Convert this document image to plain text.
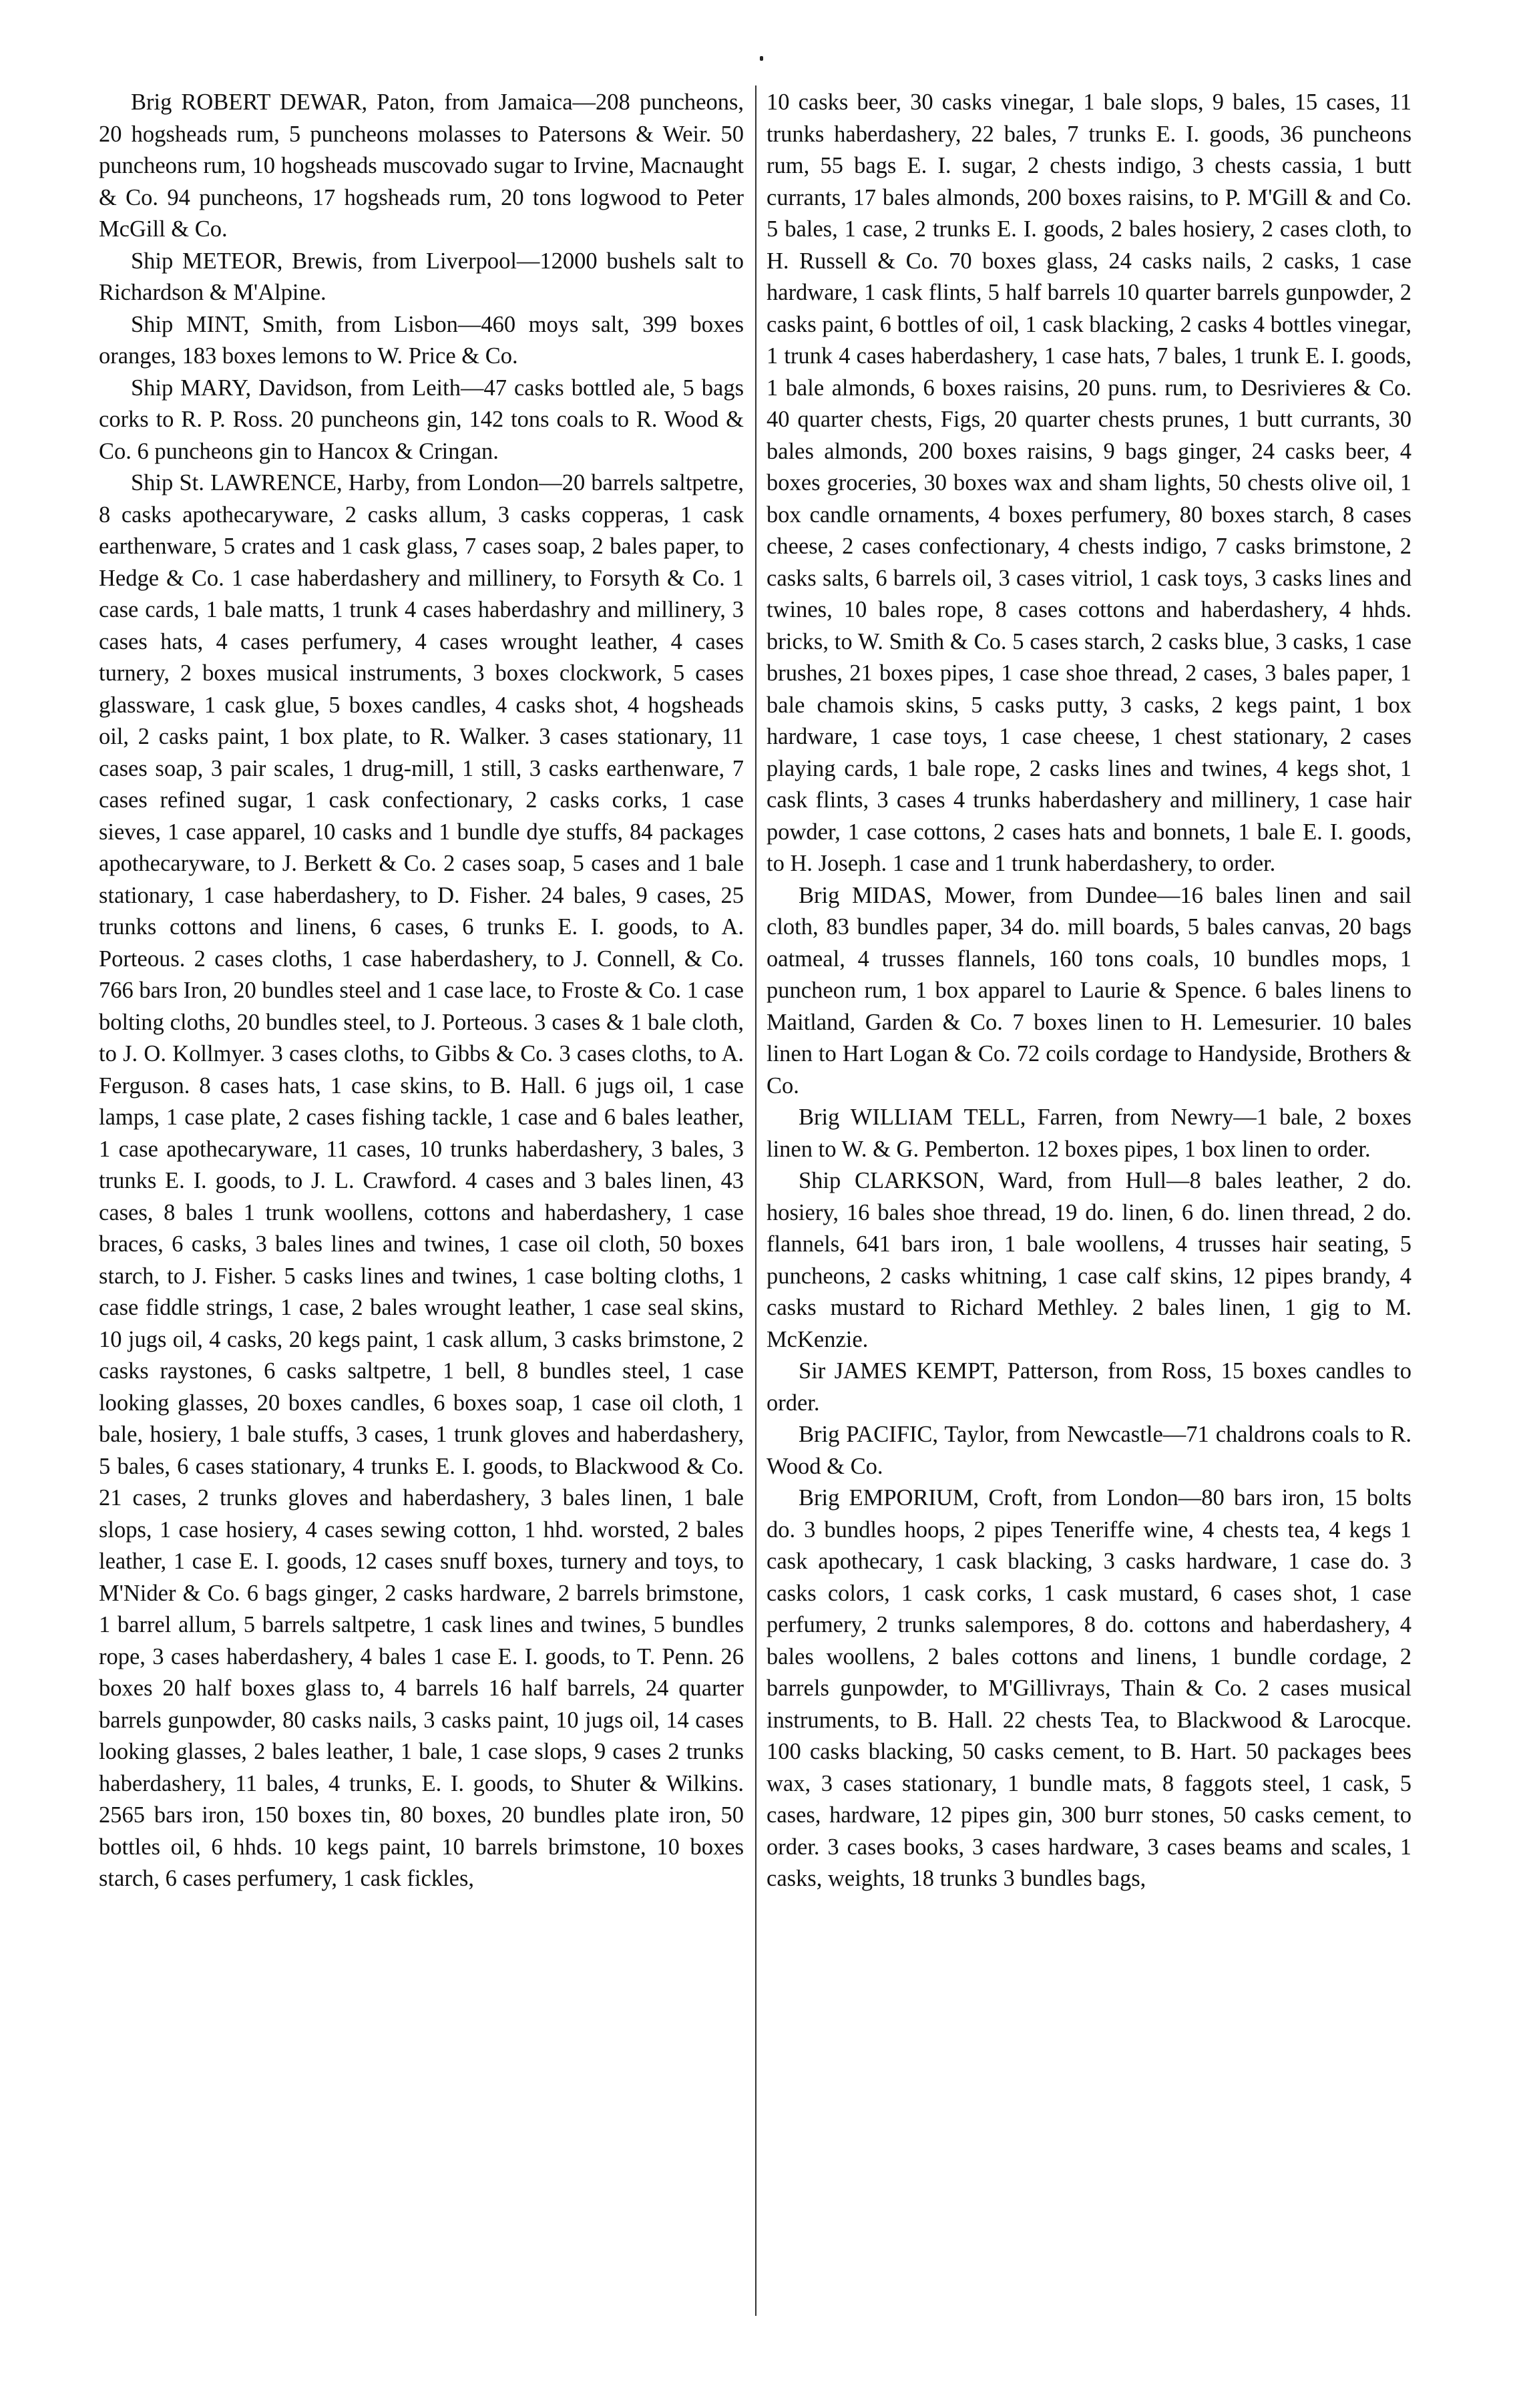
Brig ROBERT DEWAR, Paton, from Jamaica—208 puncheons, 20 hogsheads rum, 5 puncheons molasses to Patersons & Weir. 50 puncheons rum, 10 hogsheads muscovado sugar to Irvine, Macnaught & Co. 94 puncheons, 17 hogsheads rum, 20 tons logwood to Peter McGill & Co.

Ship METEOR, Brewis, from Liverpool—12000 bushels salt to Richardson & M'Alpine.

Ship MINT, Smith, from Lisbon—460 moys salt, 399 boxes oranges, 183 boxes lemons to W. Price & Co.

Ship MARY, Davidson, from Leith—47 casks bottled ale, 5 bags corks to R. P. Ross. 20 puncheons gin, 142 tons coals to R. Wood & Co. 6 puncheons gin to Hancox & Cringan.

Ship St. LAWRENCE, Harby, from London—20 barrels saltpetre, 8 casks apothecaryware, 2 casks allum, 3 casks copperas, 1 cask earthenware, 5 crates and 1 cask glass, 7 cases soap, 2 bales paper, to Hedge & Co. 1 case haberdashery and millinery, to Forsyth & Co. 1 case cards, 1 bale matts, 1 trunk 4 cases haberdashry and millinery, 3 cases hats, 4 cases perfumery, 4 cases wrought leather, 4 cases turnery, 2 boxes musical instruments, 3 boxes clockwork, 5 cases glassware, 1 cask glue, 5 boxes candles, 4 casks shot, 4 hogsheads oil, 2 casks paint, 1 box plate, to R. Walker. 3 cases stationary, 11 cases soap, 3 pair scales, 1 drug-mill, 1 still, 3 casks earthenware, 7 cases refined sugar, 1 cask confectionary, 2 casks corks, 1 case sieves, 1 case apparel, 10 casks and 1 bundle dye stuffs, 84 packages apothecaryware, to J. Berkett & Co. 2 cases soap, 5 cases and 1 bale stationary, 1 case haberdashery, to D. Fisher. 24 bales, 9 cases, 25 trunks cottons and linens, 6 cases, 6 trunks E. I. goods, to A. Porteous. 2 cases cloths, 1 case haberdashery, to J. Connell, & Co. 766 bars Iron, 20 bundles steel and 1 case lace, to Froste & Co. 1 case bolting cloths, 20 bundles steel, to J. Porteous. 3 cases & 1 bale cloth, to J. O. Kollmyer. 3 cases cloths, to Gibbs & Co. 3 cases cloths, to A. Ferguson. 8 cases hats, 1 case skins, to B. Hall. 6 jugs oil, 1 case lamps, 1 case plate, 2 cases fishing tackle, 1 case and 6 bales leather, 1 case apothecaryware, 11 cases, 10 trunks haberdashery, 3 bales, 3 trunks E. I. goods, to J. L. Crawford. 4 cases and 3 bales linen, 43 cases, 8 bales 1 trunk woollens, cottons and haberdashery, 1 case braces, 6 casks, 3 bales lines and twines, 1 case oil cloth, 50 boxes starch, to J. Fisher. 5 casks lines and twines, 1 case bolting cloths, 1 case fiddle strings, 1 case, 2 bales wrought leather, 1 case seal skins, 10 jugs oil, 4 casks, 20 kegs paint, 1 cask allum, 3 casks brimstone, 2 casks raystones, 6 casks saltpetre, 1 bell, 8 bundles steel, 1 case looking glasses, 20 boxes candles, 6 boxes soap, 1 case oil cloth, 1 bale, hosiery, 1 bale stuffs, 3 cases, 1 trunk gloves and haberdashery, 5 bales, 6 cases stationary, 4 trunks E. I. goods, to Blackwood & Co. 21 cases, 2 trunks gloves and haberdashery, 3 bales linen, 1 bale slops, 1 case hosiery, 4 cases sewing cotton, 1 hhd. worsted, 2 bales leather, 1 case E. I. goods, 12 cases snuff boxes, turnery and toys, to M'Nider & Co. 6 bags ginger, 2 casks hardware, 2 barrels brimstone, 1 barrel allum, 5 barrels saltpetre, 1 cask lines and twines, 5 bundles rope, 3 cases haberdashery, 4 bales 1 case E. I. goods, to T. Penn. 26 boxes 20 half boxes glass to, 4 barrels 16 half barrels, 24 quarter barrels gunpowder, 80 casks nails, 3 casks paint, 10 jugs oil, 14 cases looking glasses, 2 bales leather, 1 bale, 1 case slops, 9 cases 2 trunks haberdashery, 11 bales, 4 trunks, E. I. goods, to Shuter & Wilkins. 2565 bars iron, 150 boxes tin, 80 boxes, 20 bundles plate iron, 50 bottles oil, 6 hhds. 10 kegs paint, 10 barrels brimstone, 10 boxes starch, 6 cases perfumery, 1 cask fickles,

10 casks beer, 30 casks vinegar, 1 bale slops, 9 bales, 15 cases, 11 trunks haberdashery, 22 bales, 7 trunks E. I. goods, 36 puncheons rum, 55 bags E. I. sugar, 2 chests indigo, 3 chests cassia, 1 butt currants, 17 bales almonds, 200 boxes raisins, to P. M'Gill & and Co. 5 bales, 1 case, 2 trunks E. I. goods, 2 bales hosiery, 2 cases cloth, to H. Russell & Co. 70 boxes glass, 24 casks nails, 2 casks, 1 case hardware, 1 cask flints, 5 half barrels 10 quarter barrels gunpowder, 2 casks paint, 6 bottles of oil, 1 cask blacking, 2 casks 4 bottles vinegar, 1 trunk 4 cases haberdashery, 1 case hats, 7 bales, 1 trunk E. I. goods, 1 bale almonds, 6 boxes raisins, 20 puns. rum, to Desrivieres & Co. 40 quarter chests, Figs, 20 quarter chests prunes, 1 butt currants, 30 bales almonds, 200 boxes raisins, 9 bags ginger, 24 casks beer, 4 boxes groceries, 30 boxes wax and sham lights, 50 chests olive oil, 1 box candle ornaments, 4 boxes perfumery, 80 boxes starch, 8 cases cheese, 2 cases confectionary, 4 chests indigo, 7 casks brimstone, 2 casks salts, 6 barrels oil, 3 cases vitriol, 1 cask toys, 3 casks lines and twines, 10 bales rope, 8 cases cottons and haberdashery, 4 hhds. bricks, to W. Smith & Co. 5 cases starch, 2 casks blue, 3 casks, 1 case brushes, 21 boxes pipes, 1 case shoe thread, 2 cases, 3 bales paper, 1 bale chamois skins, 5 casks putty, 3 casks, 2 kegs paint, 1 box hardware, 1 case toys, 1 case cheese, 1 chest stationary, 2 cases playing cards, 1 bale rope, 2 casks lines and twines, 4 kegs shot, 1 cask flints, 3 cases 4 trunks haberdashery and millinery, 1 case hair powder, 1 case cottons, 2 cases hats and bonnets, 1 bale E. I. goods, to H. Joseph. 1 case and 1 trunk haberdashery, to order.

Brig MIDAS, Mower, from Dundee—16 bales linen and sail cloth, 83 bundles paper, 34 do. mill boards, 5 bales canvas, 20 bags oatmeal, 4 trusses flannels, 160 tons coals, 10 bundles mops, 1 puncheon rum, 1 box apparel to Laurie & Spence. 6 bales linens to Maitland, Garden & Co. 7 boxes linen to H. Lemesurier. 10 bales linen to Hart Logan & Co. 72 coils cordage to Handyside, Brothers & Co.

Brig WILLIAM TELL, Farren, from Newry—1 bale, 2 boxes linen to W. & G. Pemberton. 12 boxes pipes, 1 box linen to order.

Ship CLARKSON, Ward, from Hull—8 bales leather, 2 do. hosiery, 16 bales shoe thread, 19 do. linen, 6 do. linen thread, 2 do. flannels, 641 bars iron, 1 bale woollens, 4 trusses hair seating, 5 puncheons, 2 casks whitning, 1 case calf skins, 12 pipes brandy, 4 casks mustard to Richard Methley. 2 bales linen, 1 gig to M. McKenzie.

Sir JAMES KEMPT, Patterson, from Ross, 15 boxes candles to order.

Brig PACIFIC, Taylor, from Newcastle—71 chaldrons coals to R. Wood & Co.

Brig EMPORIUM, Croft, from London—80 bars iron, 15 bolts do. 3 bundles hoops, 2 pipes Teneriffe wine, 4 chests tea, 4 kegs 1 cask apothecary, 1 cask blacking, 3 casks hardware, 1 case do. 3 casks colors, 1 cask corks, 1 cask mustard, 6 cases shot, 1 case perfumery, 2 trunks salempores, 8 do. cottons and haberdashery, 4 bales woollens, 2 bales cottons and linens, 1 bundle cordage, 2 barrels gunpowder, to M'Gillivrays, Thain & Co. 2 cases musical instruments, to B. Hall. 22 chests Tea, to Blackwood & Larocque. 100 casks blacking, 50 casks cement, to B. Hart. 50 packages bees wax, 3 cases stationary, 1 bundle mats, 8 faggots steel, 1 cask, 5 cases, hardware, 12 pipes gin, 300 burr stones, 50 casks cement, to order. 3 cases books, 3 cases hardware, 3 cases beams and scales, 1 casks, weights, 18 trunks 3 bundles bags,
